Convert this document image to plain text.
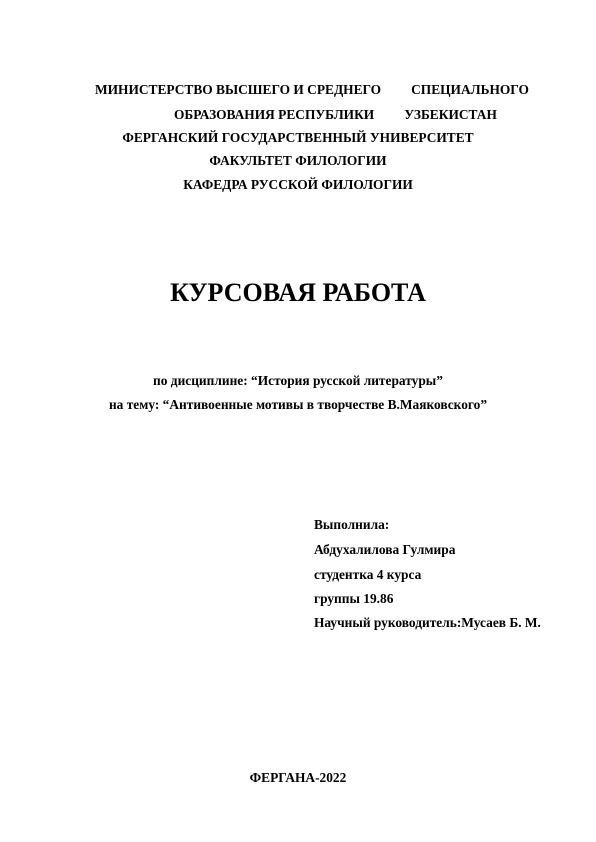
МИНИСТЕРСТВО ВЫСШЕГО И СРЕДНЕГО СПЕЦИАЛЬНОГО
ОБРАЗОВАНИЯ РЕСПУБЛИКИ УЗБЕКИСТАН
ФЕРГАНСКИЙ ГОСУДАРСТВЕННЫЙ УНИВЕРСИТЕТ
ФАКУЛЬТЕТ ФИЛОЛОГИИ
КАФЕДРА РУССКОЙ ФИЛОЛОГИИ
КУРСОВАЯ РАБОТА
по дисциплине: “История русской литературы”
на тему: “Антивоенные мотивы в творчестве В.Маяковского”
Выполнила:
Абдухалилова Гулмира
студентка 4 курса
группы 19.86
Научный руководитель:Мусаев Б. М.
ФЕРГАНА-2022
